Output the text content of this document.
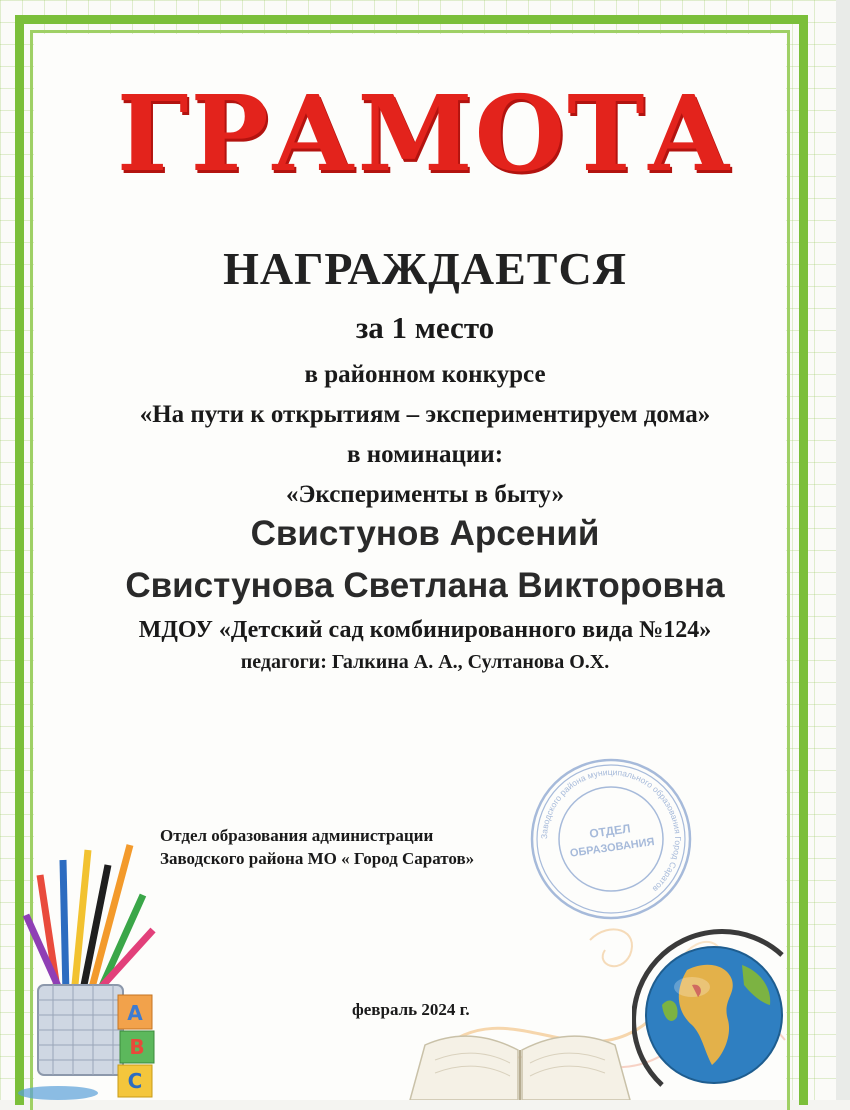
ГРАМОТА
НАГРАЖДАЕТСЯ
за 1 место
в районном конкурсе
«На пути к открытиям – экспериментируем дома»
в номинации:
«Эксперименты в быту»
Свистунов Арсений
Свистунова Светлана Викторовна
МДОУ «Детский сад комбинированного вида №124»
педагоги: Галкина А. А., Султанова О.Х.
Заводского района муниципального образования Город Саратов
ОТДЕЛ
ОБРАЗОВАНИЯ
Отдел образования администрации
Заводского района МО « Город Саратов»
A
B
C
февраль 2024 г.
